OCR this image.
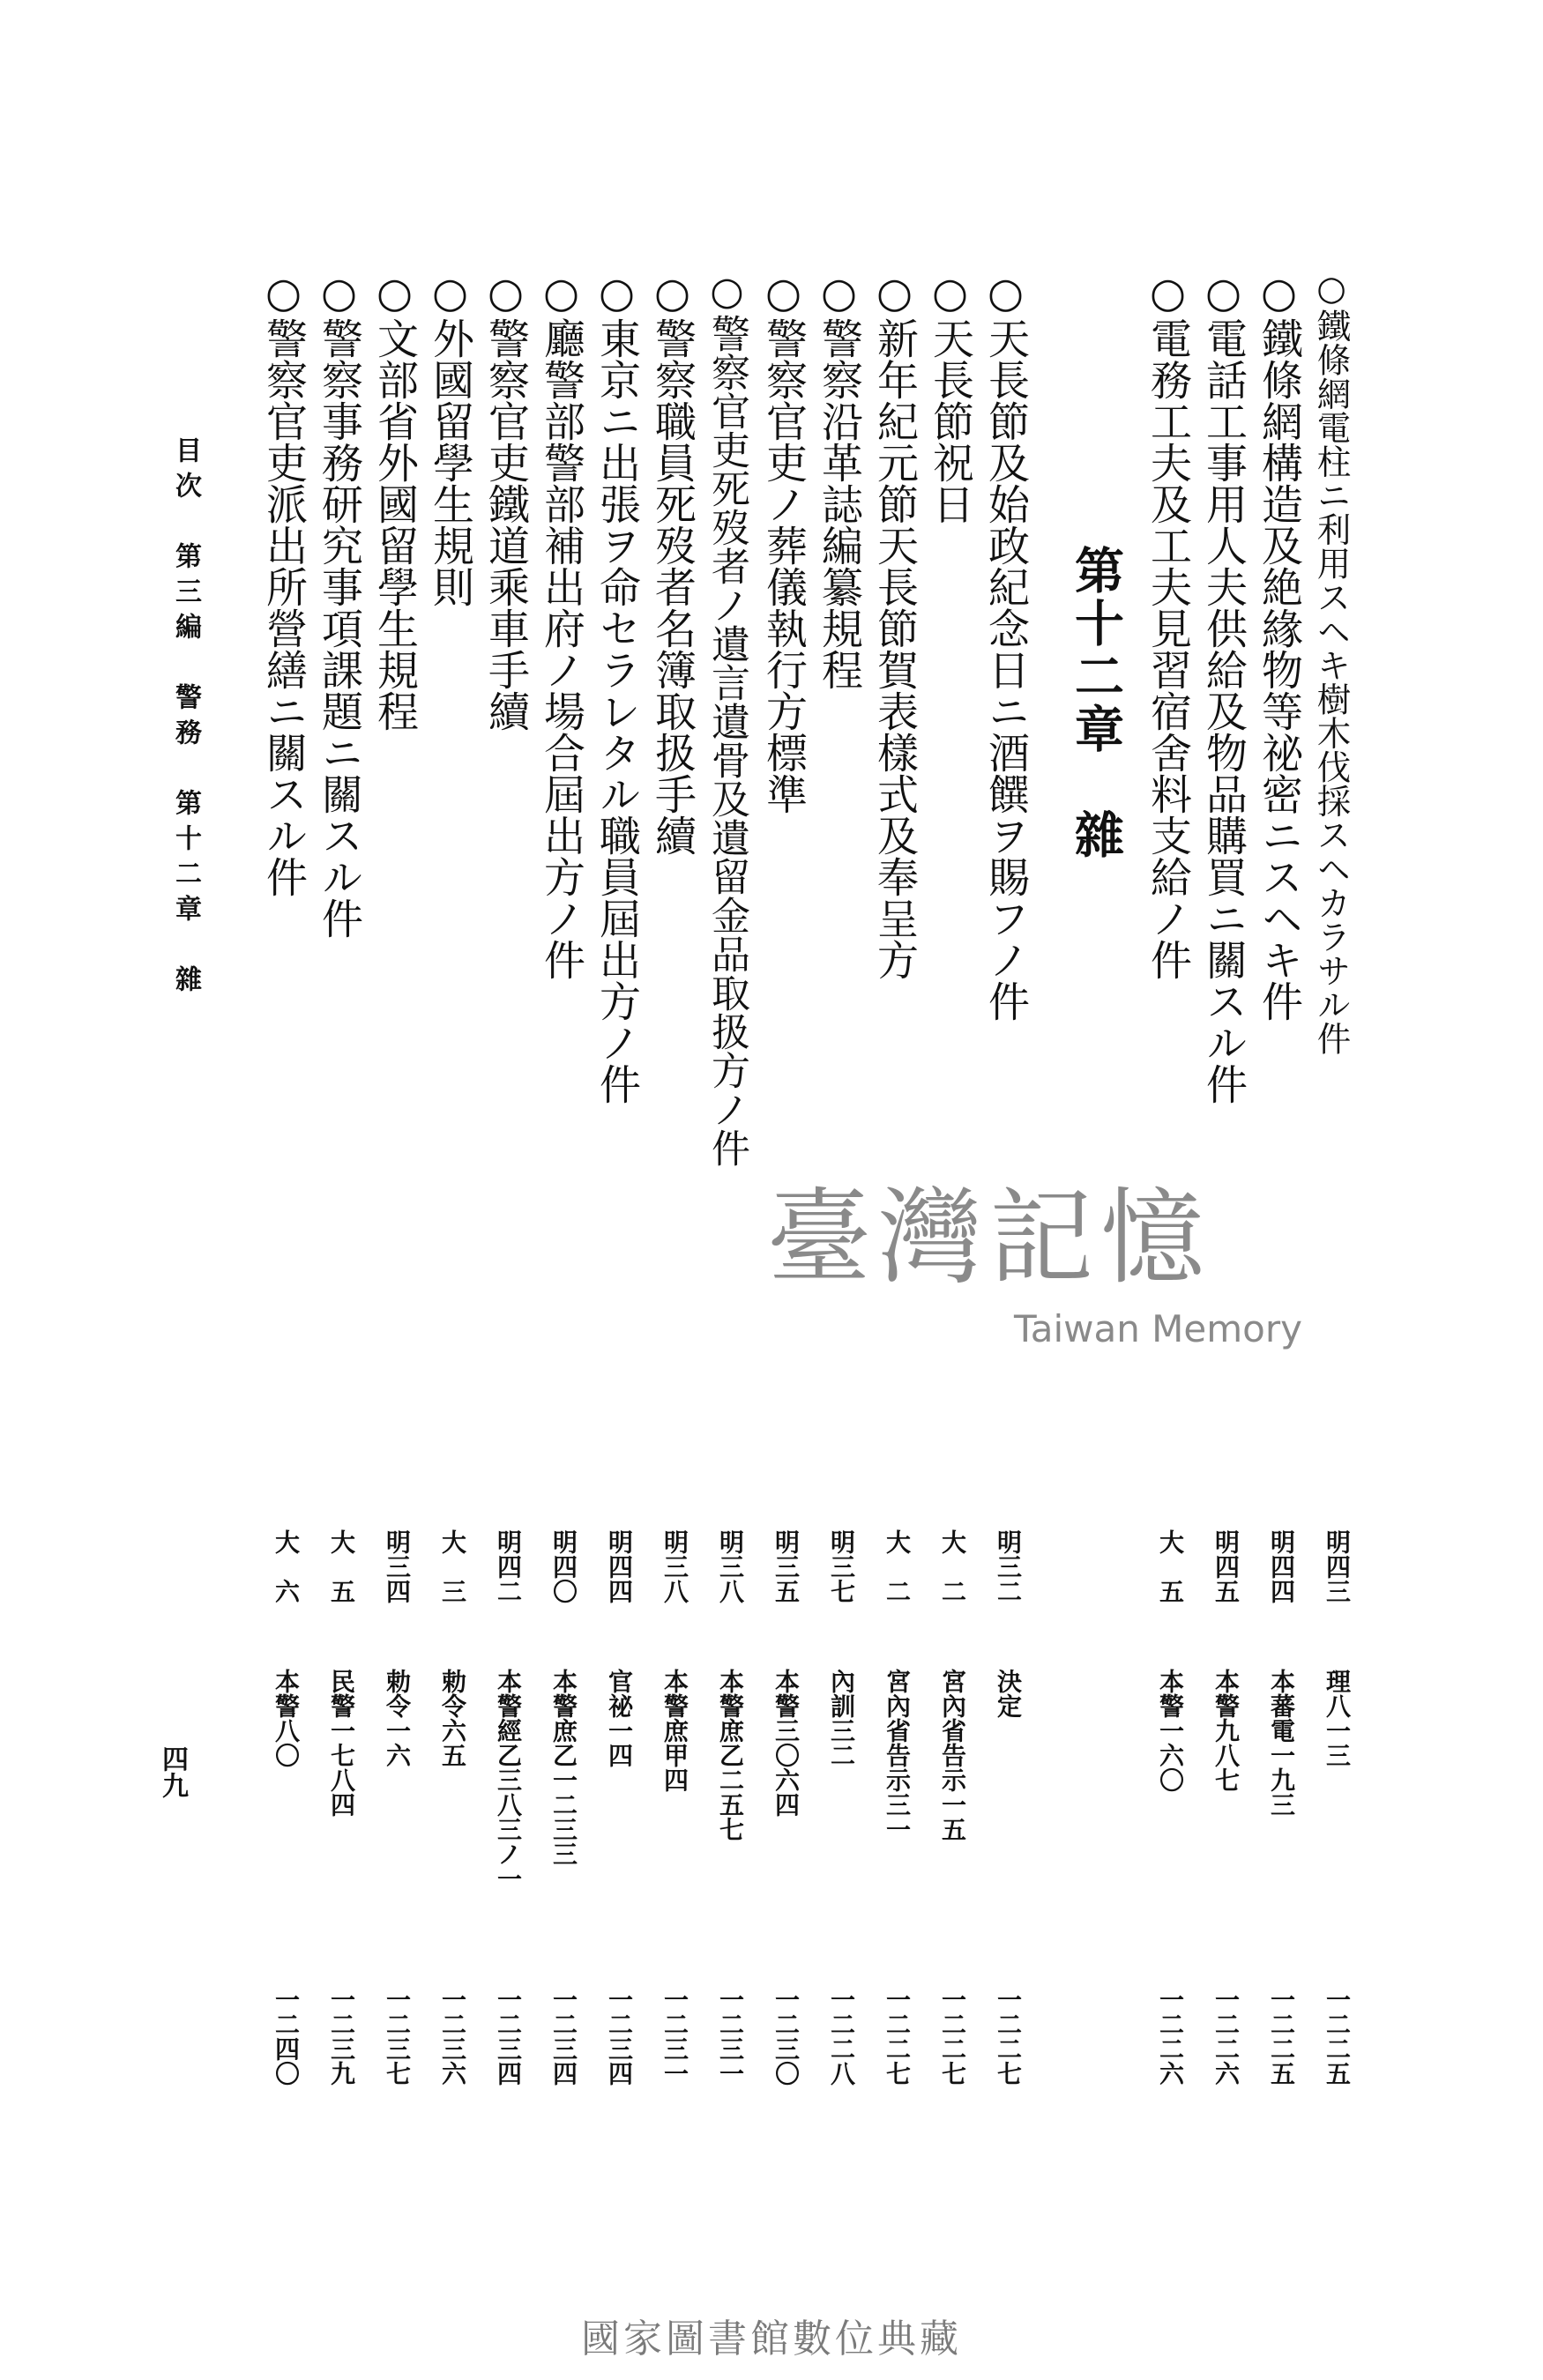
第十二章　雜	○鐵條網電柱ニ利用スヘキ樹木伐採スヘカラサル件
○鐵條網構造及絶緣物等祕密ニスヘキ件
○電話工事用人夫供給及物品購買ニ關スル件
○電務工夫及工夫見習宿舍料支給ノ件
○天長節及始政紀念日ニ酒饌ヲ賜フノ件
○天長節祝日
○新年紀元節天長節賀表樣式及奉呈方
○警察沿革誌編纂規程
○警察官吏ノ葬儀執行方標準
○警察官吏死歿者ノ遺言遺骨及遺留金品取扱方ノ件
○警察職員死歿者名簿取扱手續
○東京ニ出張ヲ命セラレタル職員屆出方ノ件
○廳警部警部補出府ノ場合屆出方ノ件
○警察官吏鐵道乘車手續
○外國留學生規則
○文部省外國留學生規程
○警察事務研究事項課題ニ關スル件
○警察官吏派出所營繕ニ關スル件
明四三
明四四
明四五
大　五
明三二
大　二
大　二
明三七
明三五
明三八
明三八
明四四
明四〇
明四二
大　三
明三四
大　五
大　六
理八一三
本蕃電一九三
本警九八七
本警一六〇
決定
宮內省告示一五
宮內省告示三一
內訓三二
本警三〇六四
本警庶乙二五七
本警庶甲四
官祕一四
本警庶乙一二三三
本警經乙三八三ノ一
勅令六五
勅令一六
民警一七八四
本警八〇
一二二五
一二二五
一二二六
一二二六
一二二七
一二二七
一二二七
一二二八
一二三〇
一二三一
一二三一
一二三四
一二三四
一二三四
一二三六
一二三七
一二三九
一二四〇
目次　第三編　警務　第十二章　雜
四九
臺灣記憶
Taiwan Memory
國家圖書館數位典藏
